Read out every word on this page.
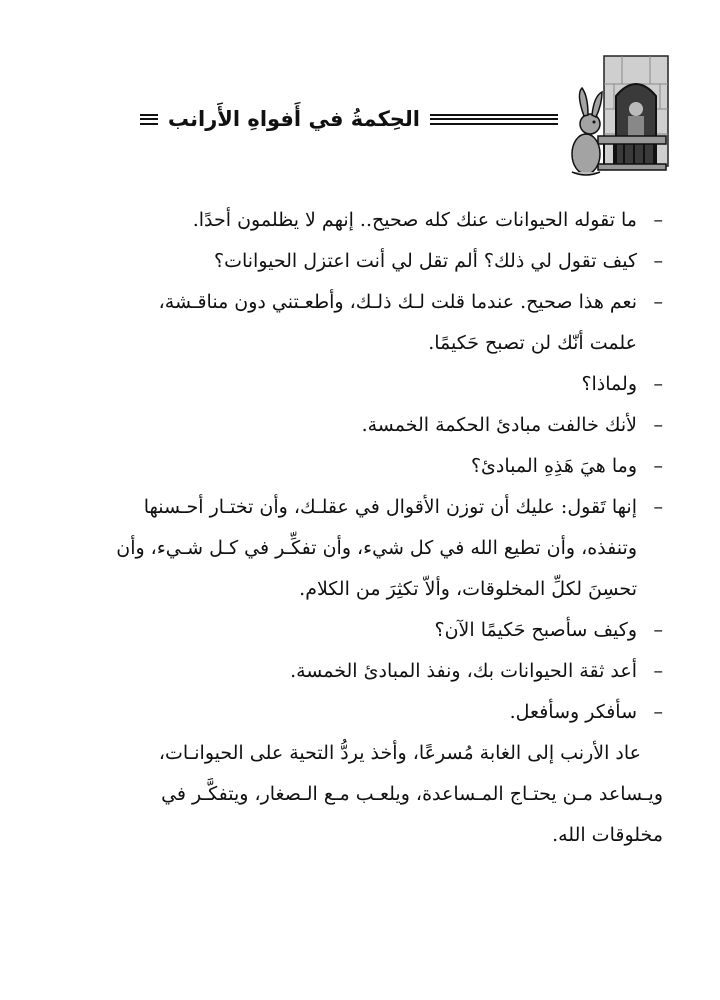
الحِكمةُ في أَفواهِ الأَرانب

–ما تقوله الحيوانات عنك كله صحيح.. إنهم لا يظلمون أحدًا.

–كيف تقول لي ذلك؟ ألم تقل لي أنت اعتزل الحيوانات؟

–نعم هذا صحيح. عندما قلت لـك ذلـك، وأطعـتني دون مناقـشة،

علمت أنّك لن تصبح حَكيمًا.

–ولماذا؟

–لأنك خالفت مبادئ الحكمة الخمسة.

–وما هيَ هَذِهِ المبادئ؟

–إنها تَقول: عليك أن توزن الأقوال في عقلـك، وأن تختـار أحـسنها

وتنفذه، وأن تطيع الله في كل شيء، وأن تفكِّـر في كـل شـيء، وأن

تحسِنَ لكلِّ المخلوقات، وألاّ تكثِرَ من الكلام.

–وكيف سأصبح حَكيمًا الآن؟

–أعد ثقة الحيوانات بك، ونفذ المبادئ الخمسة.

–سأفكر وسأفعل.

عاد الأرنب إلى الغابة مُسرعًا، وأخذ يردُّ التحية على الحيوانـات،

ويـساعد مـن يحتـاج المـساعدة، ويلعـب مـع الـصغار، ويتفكَّـر في

مخلوقات الله.
